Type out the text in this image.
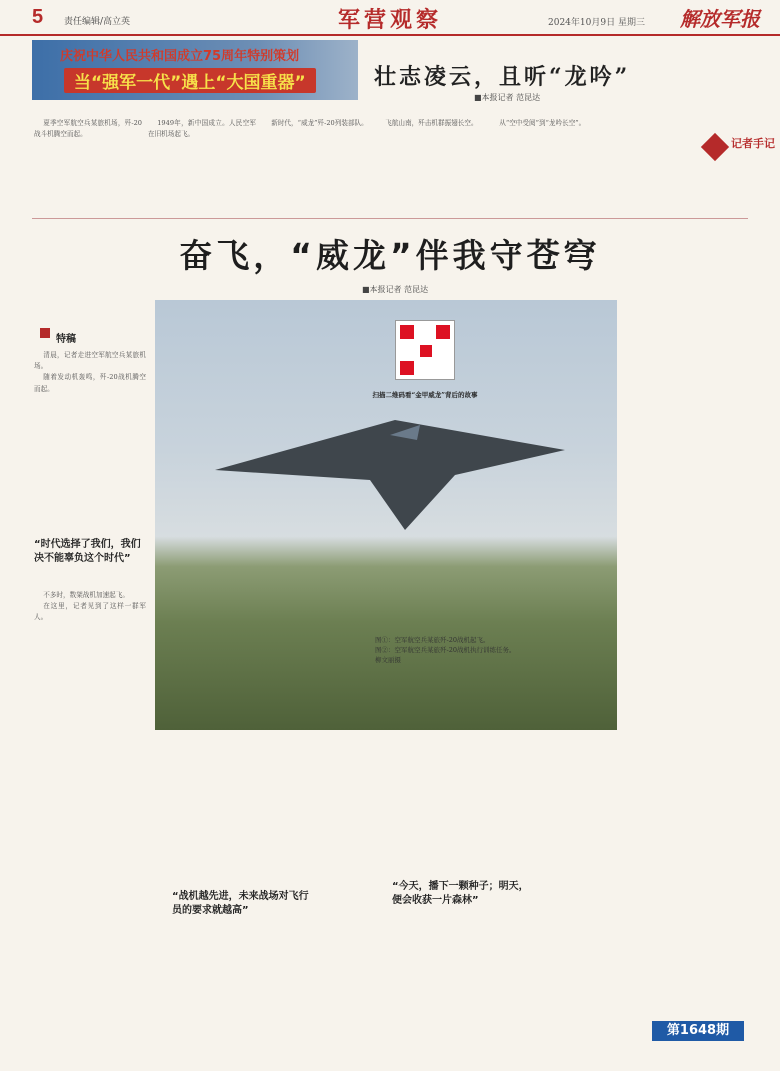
5 责任编辑/高立英	军营观察	2024年10月9日 星期三 解放军报
庆祝中华人民共和国成立75周年特别策划
当“强军一代”遇上“大国重器”	壮志凌云，且听“龙吟”
■本报记者 范昆达

夏季空军航空兵某旅机场，歼-20战斗机腾空而起。

1949年，新中国成立。人民空军在旧机场起飞。

新时代，“威龙”歼-20列装部队。	飞航山南，歼击机群振翅长空。	从“空中受阅”到“龙吟长空”。

记者手记
奋飞，“威龙”伴我守苍穹
■本报记者 范昆达
特稿

清晨，记者走进空军航空兵某旅机场。

随着发动机轰鸣，歼-20战机腾空而起。

“时代选择了我们，我们决不能辜负这个时代”

不多时，数架战机加速起飞。

在这里，记者见到了这样一群军人。

图①：空军航空兵某旅歼-20战机起飞。
图②：空军航空兵某旅歼-20战机执行训练任务。
柳文丽摄
扫描二维码看“金甲威龙”背后的故事
“战机越先进，未来战场对飞行员的要求就越高”
“今天，播下一颗种子；明天，便会收获一片森林”
第1648期
